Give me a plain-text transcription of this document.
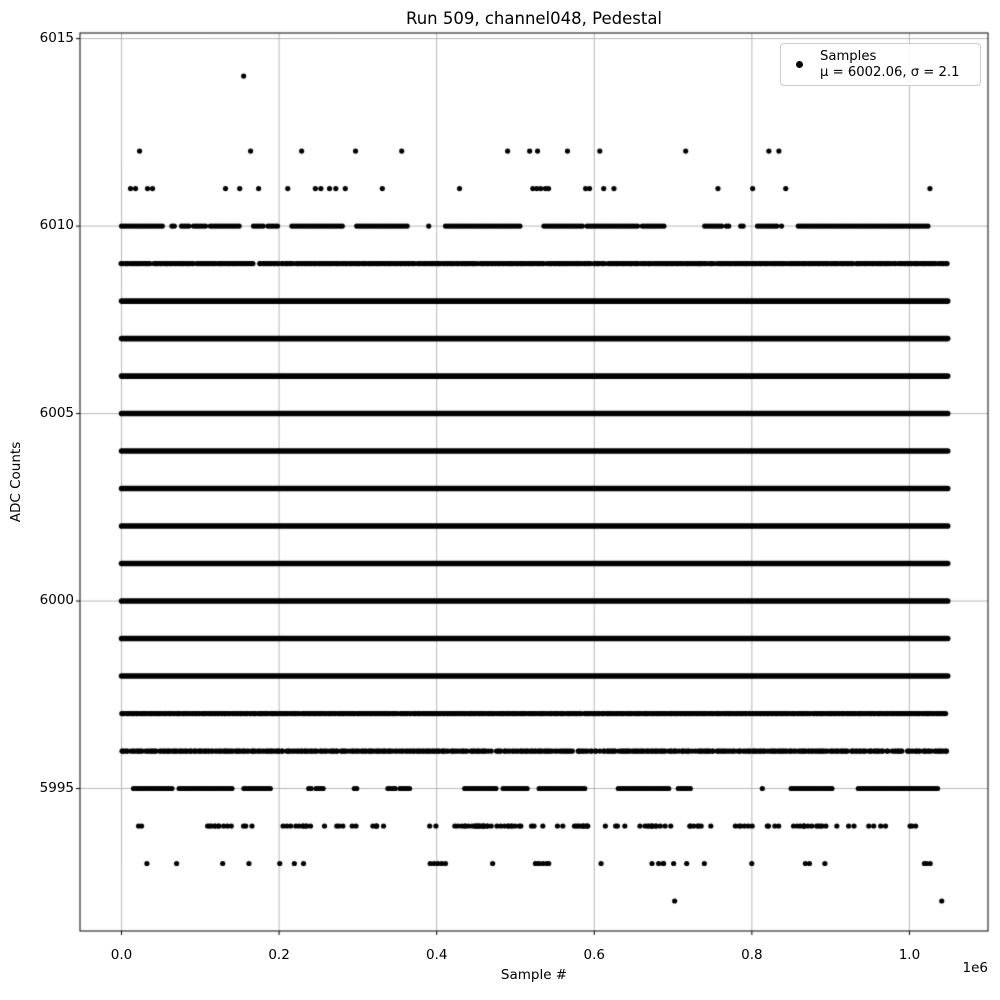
Run 509, channel048, Pedestal
ADC Counts
Sample #	1e6
5995
6000
6005
6010
6015
0.0	0.2	0.4	0.6	0.8	1.0
Samples
μ = 6002.06, σ = 2.1
